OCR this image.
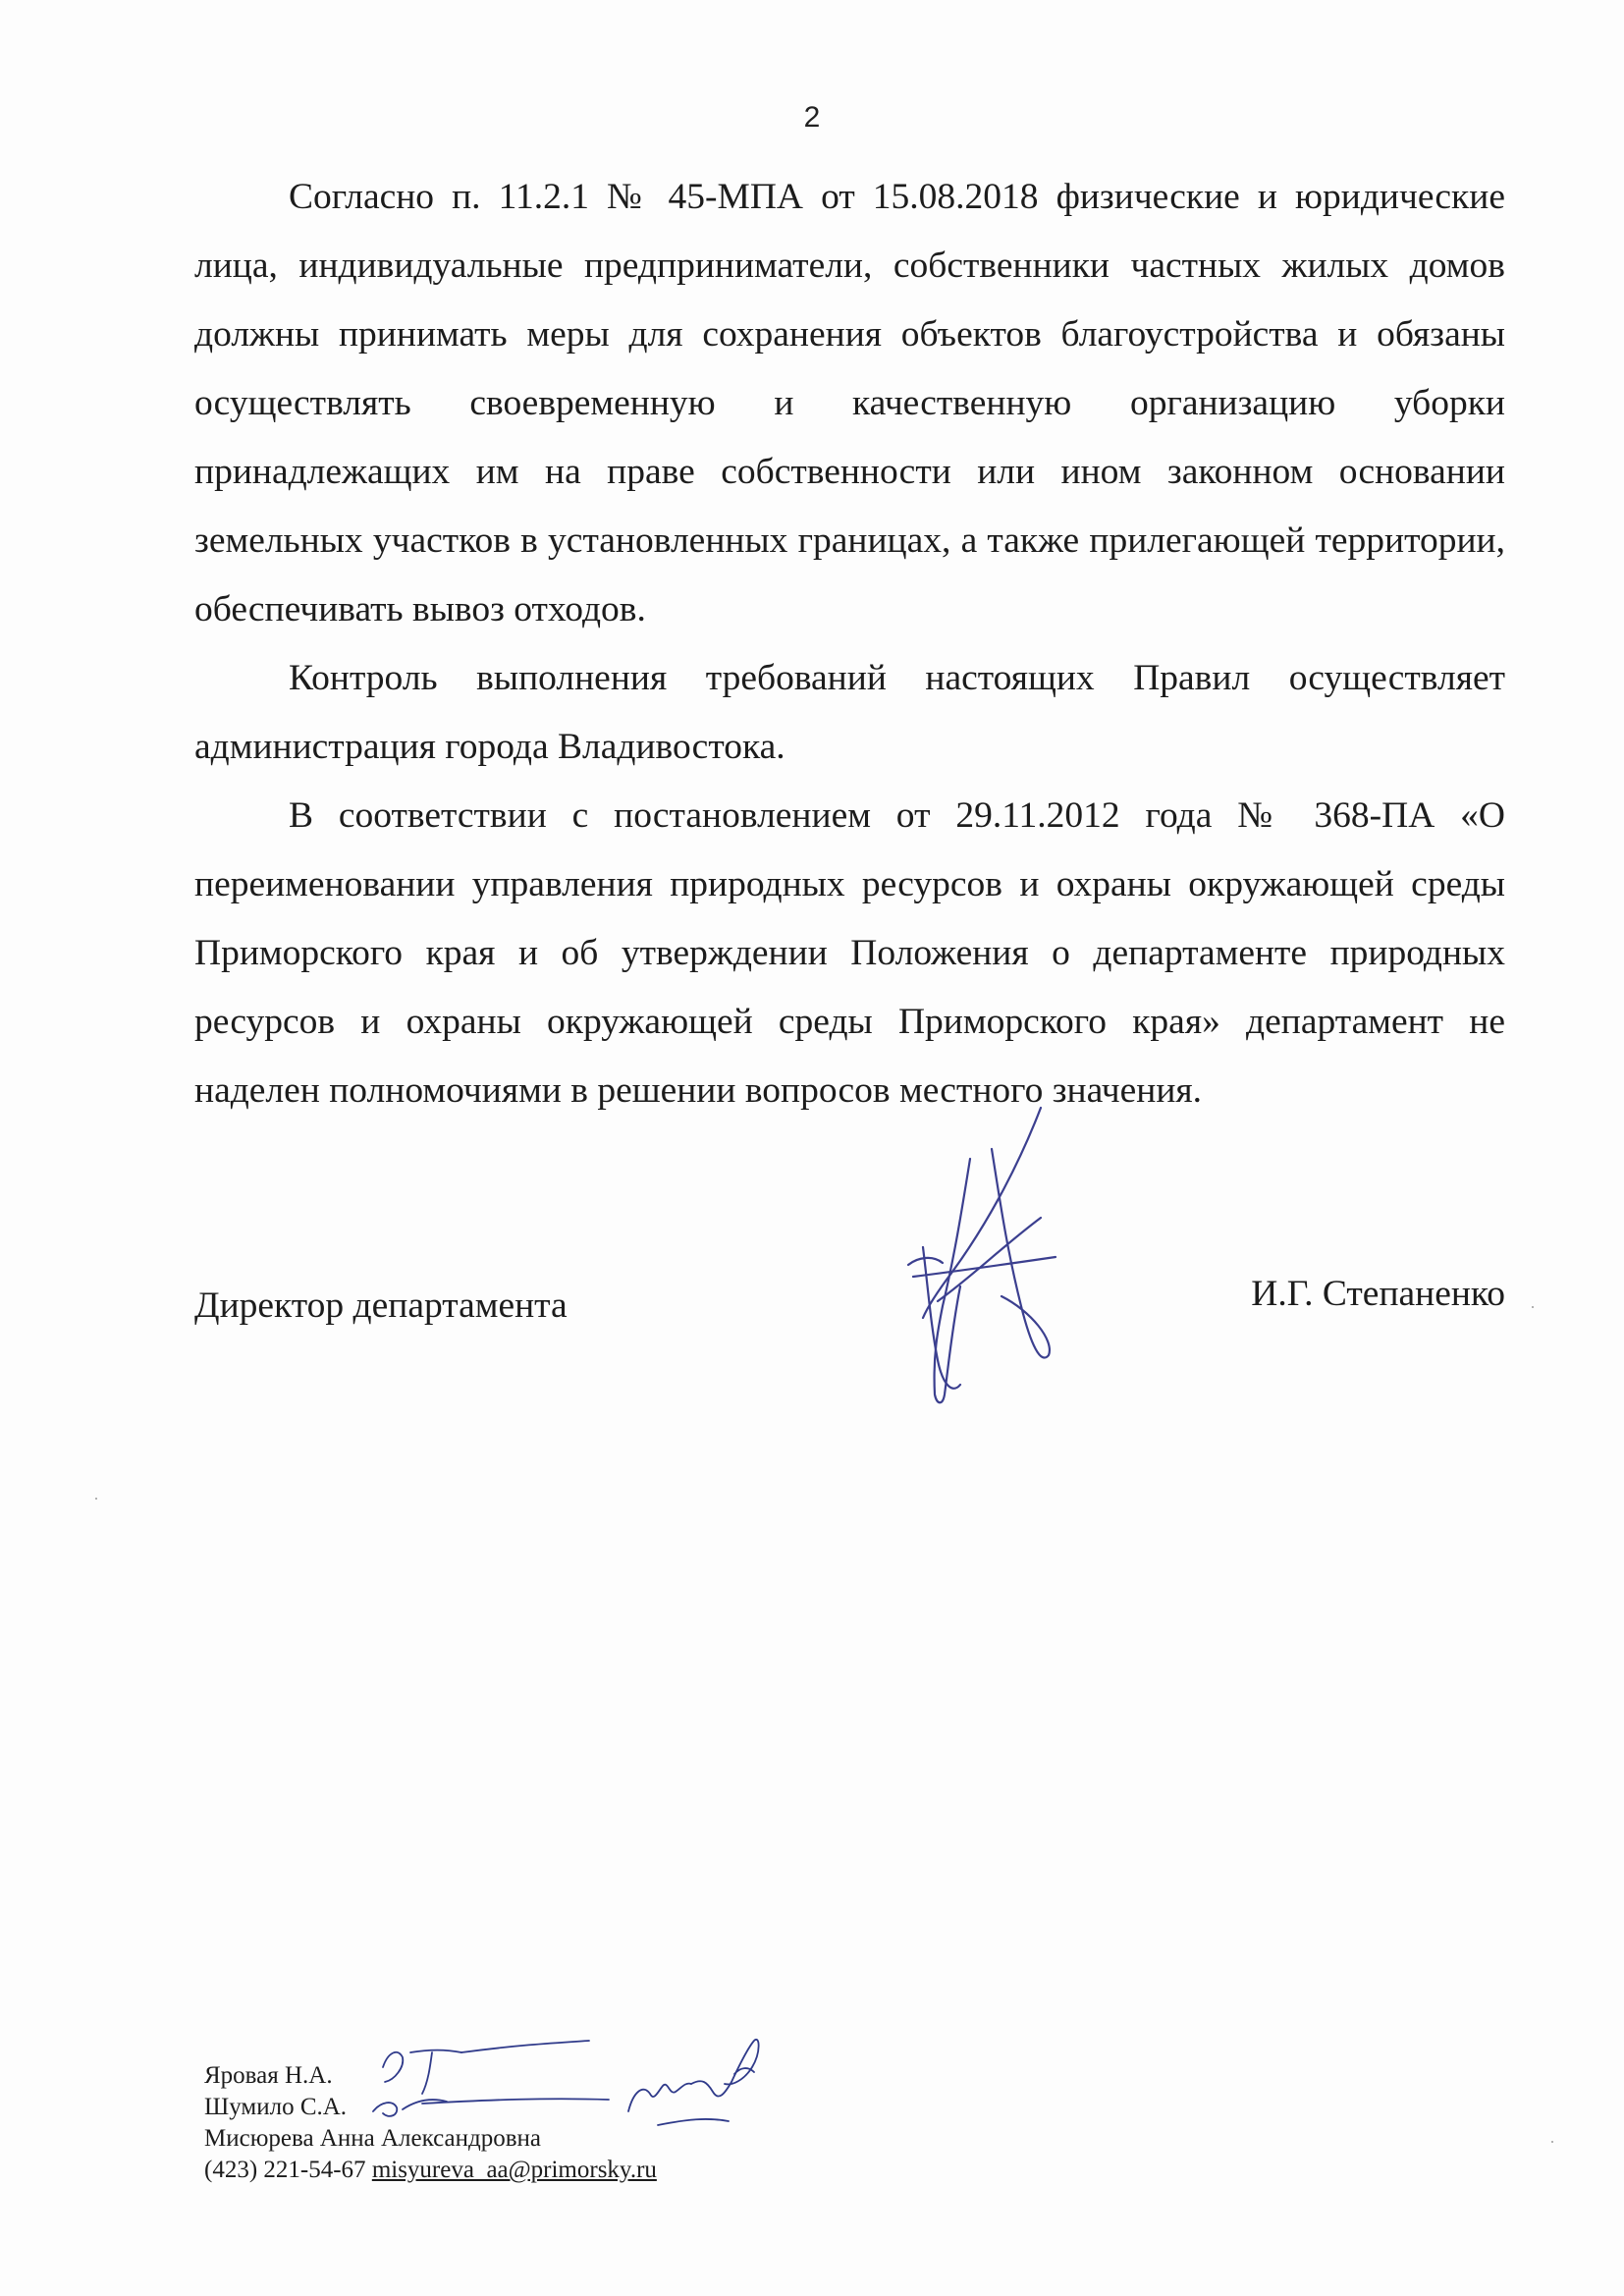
2

Согласно п. 11.2.1 № 45-МПА от 15.08.2018 физические и юридические лица, индивидуальные предприниматели, собственники частных жилых домов должны принимать меры для сохранения объектов благоустройства и обязаны осуществлять своевременную и качественную организацию уборки принадлежащих им на праве собственности или ином законном основании земельных участков в установленных границах, а также прилегающей территории, обеспечивать вывоз отходов.

Контроль выполнения требований настоящих Правил осуществляет администрация города Владивостока.

В соответствии с постановлением от 29.11.2012 года № 368-ПА «О переименовании управления природных ресурсов и охраны окружающей среды Приморского края и об утверждении Положения о департаменте природных ресурсов и охраны окружающей среды Приморского края» департамент не наделен полномочиями в решении вопросов местного значения.

Директор департамента	И.Г. Степаненко
Яровая Н.А.
Шумило С.А.
Мисюрева Анна Александровна
(423) 221-54-67 misyureva_aa@primorsky.ru
